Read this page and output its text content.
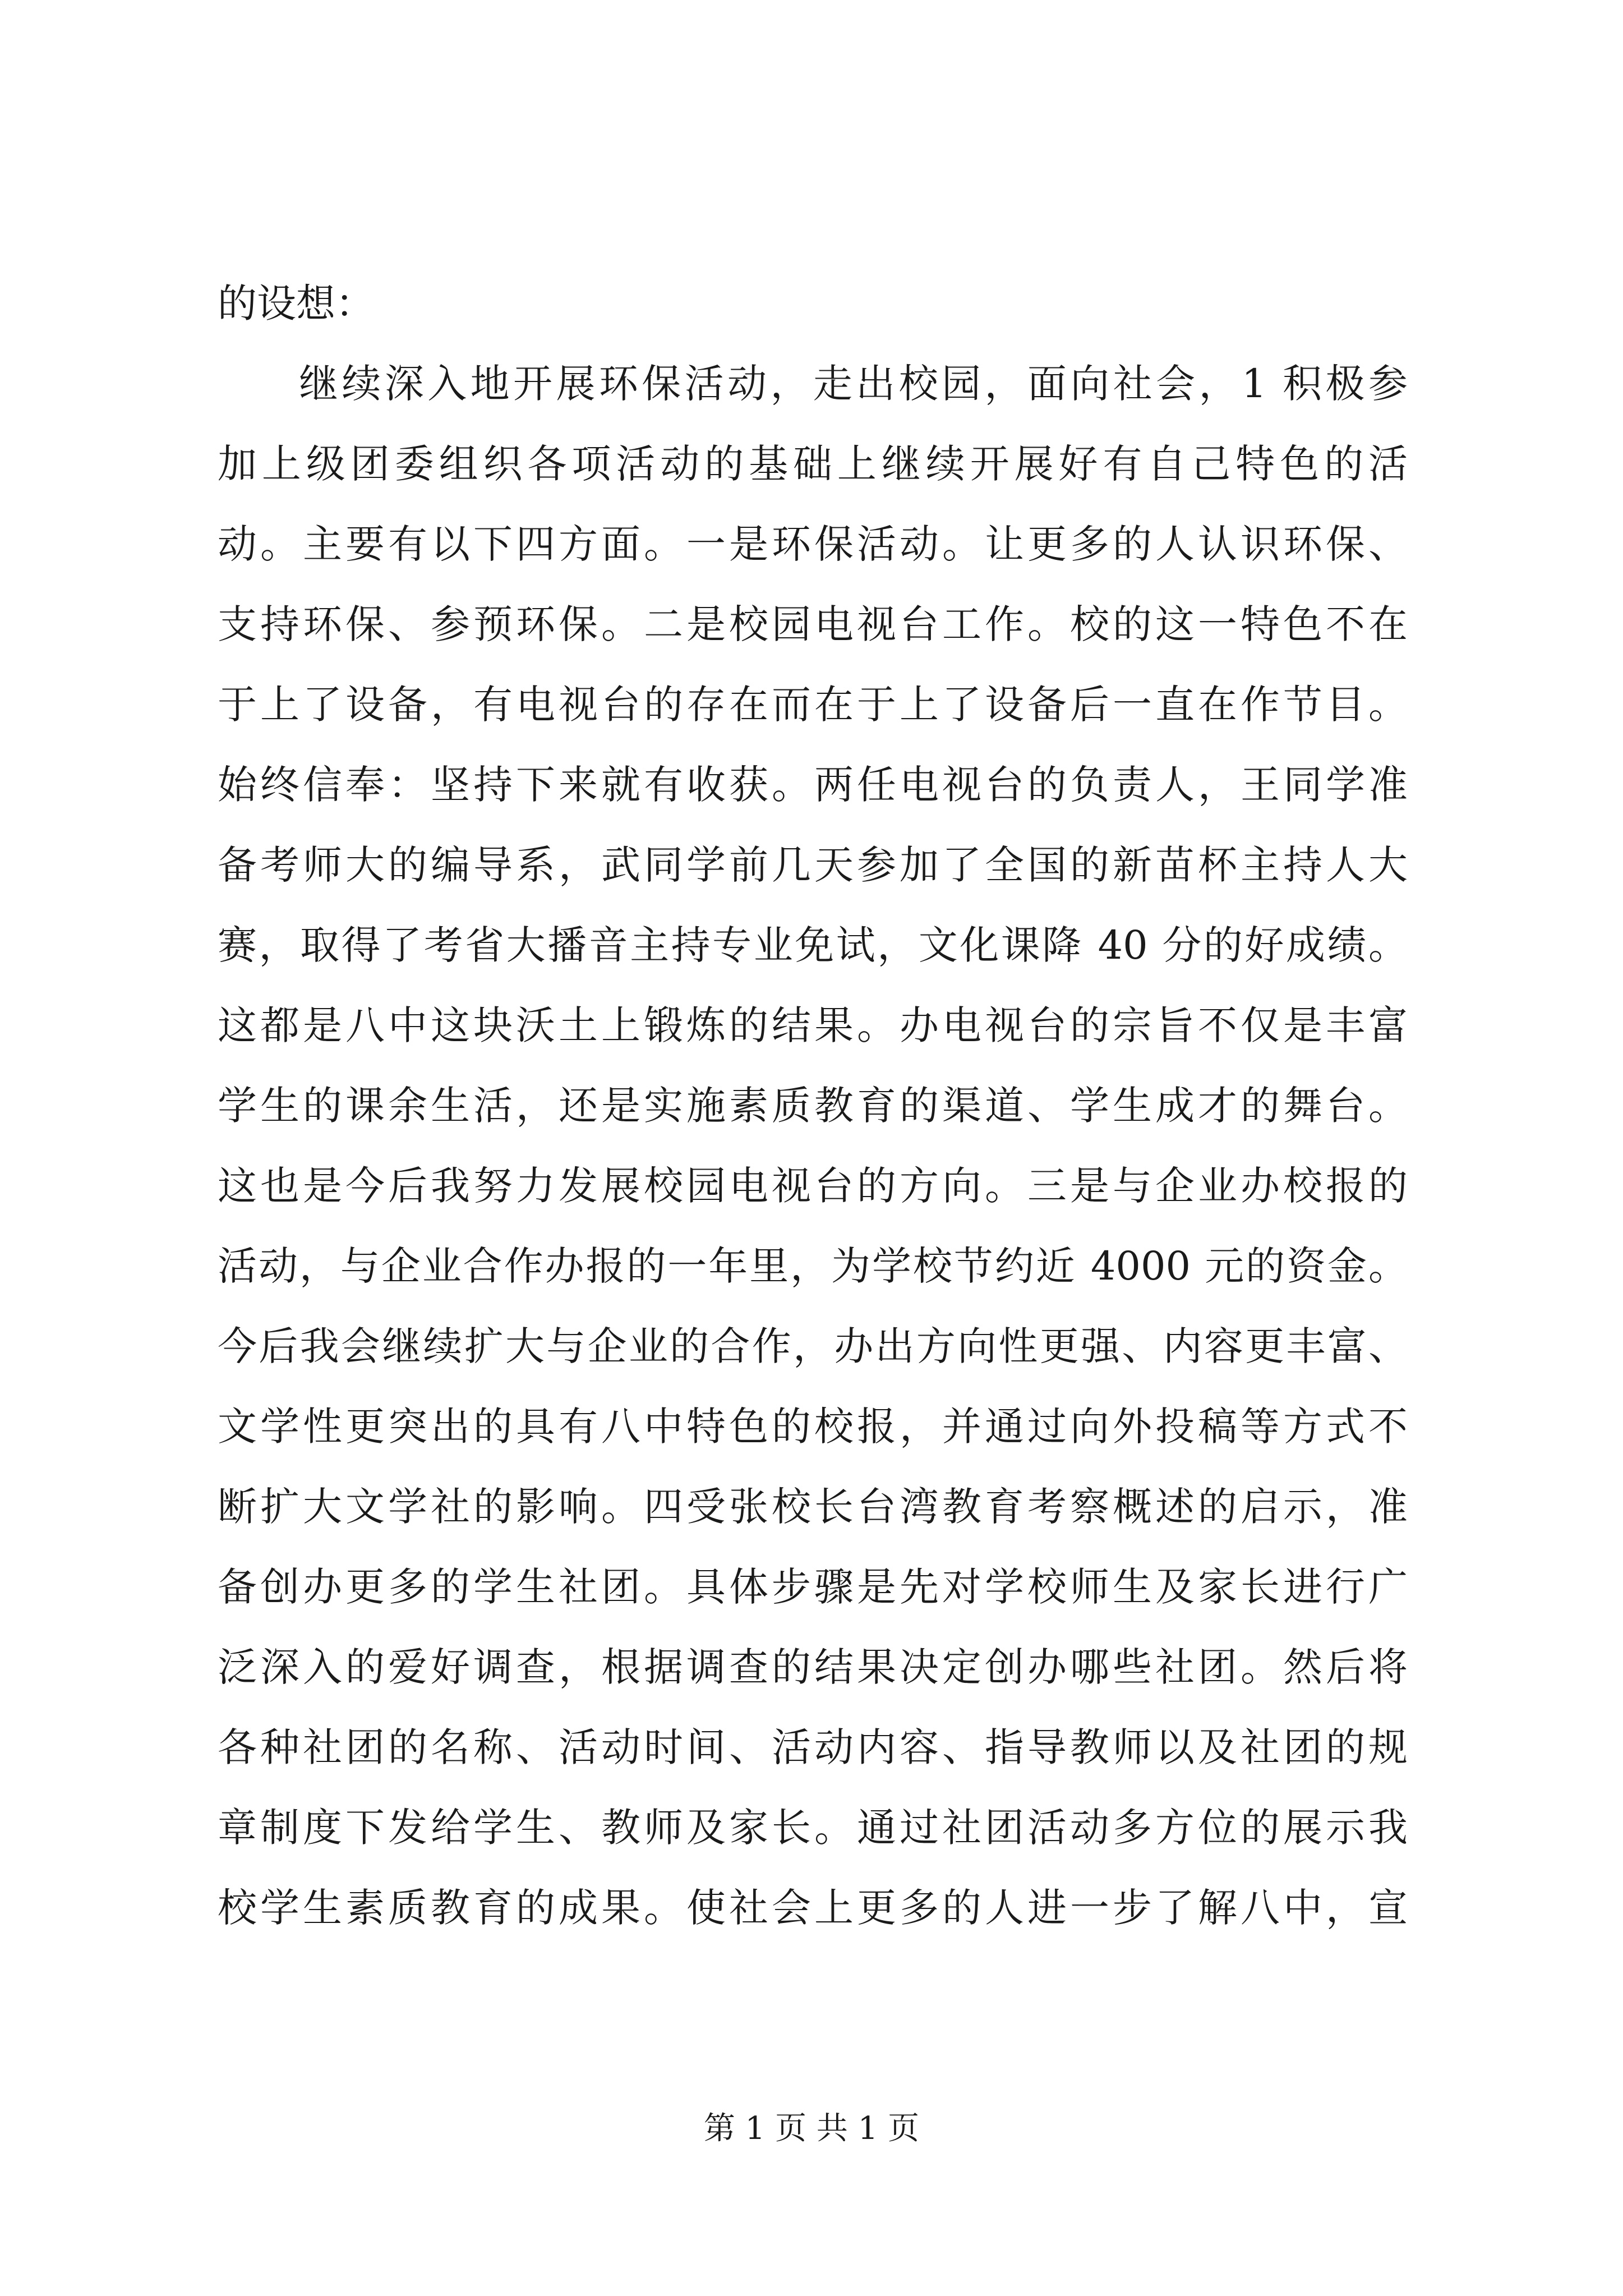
的设想：
继续深入地开展环保活动，走出校园，面向社会，1 积极参
加上级团委组织各项活动的基础上继续开展好有自己特色的活
动。主要有以下四方面。一是环保活动。让更多的人认识环保、
支持环保、参预环保。二是校园电视台工作。校的这一特色不在
于上了设备，有电视台的存在而在于上了设备后一直在作节目。
始终信奉：坚持下来就有收获。两任电视台的负责人，王同学准
备考师大的编导系，武同学前几天参加了全国的新苗杯主持人大
赛，取得了考省大播音主持专业免试，文化课降 40 分的好成绩。
这都是八中这块沃土上锻炼的结果。办电视台的宗旨不仅是丰富
学生的课余生活，还是实施素质教育的渠道、学生成才的舞台。
这也是今后我努力发展校园电视台的方向。三是与企业办校报的
活动，与企业合作办报的一年里，为学校节约近 4000 元的资金。
今后我会继续扩大与企业的合作，办出方向性更强、内容更丰富、
文学性更突出的具有八中特色的校报，并通过向外投稿等方式不
断扩大文学社的影响。四受张校长台湾教育考察概述的启示，准
备创办更多的学生社团。具体步骤是先对学校师生及家长进行广
泛深入的爱好调查，根据调查的结果决定创办哪些社团。然后将
各种社团的名称、活动时间、活动内容、指导教师以及社团的规
章制度下发给学生、教师及家长。通过社团活动多方位的展示我
校学生素质教育的成果。使社会上更多的人进一步了解八中，宣
第 1 页 共 1 页
